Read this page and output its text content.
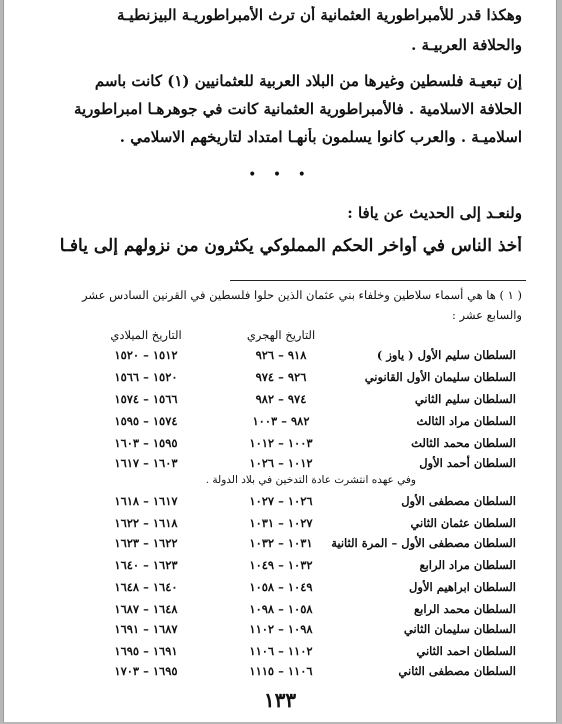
وهكذا قدر للأمبراطورية العثمانية أن ترث الأمبراطوريـة البيزنطيـة
والحلافة العربيـة .
إن تبعيـة فلسطين وغيرها من البلاد العربية للعثمانيين (١) كانت باسم
الحلافة الاسلامية . فالأمبراطورية العثمانية كانت في جوهرهـا امبراطورية
اسلاميـة . والعرب كانوا يسلمون بأنهـا امتداد لتاريخهم الاسلامي .
• • •
ولنعـد إلى الحديث عن يافا :
أخذ الناس في أواخر الحكم المملوكي يكثرون من نزولهم إلى يافـا
( ١ ) ها هي أسماء سلاطين وخلفاء بني عثمان الذين حلوا فلسطين في القرنين السادس عشر
والسابع عشر :
التاريخ الهجري
التاريخ الميلادي
السلطان سليم الأول ( ياوز )
٩١٨ – ٩٢٦
١٥١٢ – ١٥٢٠
السلطان سليمان الأول القانوني
٩٢٦ – ٩٧٤
١٥٢٠ – ١٥٦٦
السلطان سليم الثاني
٩٧٤ – ٩٨٢
١٥٦٦ – ١٥٧٤
السلطان مراد الثالث
٩٨٢ – ١٠٠٣
١٥٧٤ – ١٥٩٥
السلطان محمد الثالث
١٠٠٣ – ١٠١٢
١٥٩٥ – ١٦٠٣
السلطان أحمد الأول
١٠١٢ – ١٠٢٦
١٦٠٣ – ١٦١٧
وفي عهده انتشرت عادة التدخين في بلاد الدولة .
السلطان مصطفى الأول
١٠٢٦ – ١٠٢٧
١٦١٧ – ١٦١٨
السلطان عثمان الثاني
١٠٢٧ – ١٠٣١
١٦١٨ – ١٦٢٢
السلطان مصطفى الأول – المرة الثانية
١٠٣١ – ١٠٣٢
١٦٢٢ – ١٦٢٣
السلطان مراد الرابع
١٠٣٢ – ١٠٤٩
١٦٢٣ – ١٦٤٠
السلطان ابراهيم الأول
١٠٤٩ – ١٠٥٨
١٦٤٠ – ١٦٤٨
السلطان محمد الرابع
١٠٥٨ – ١٠٩٨
١٦٤٨ – ١٦٨٧
السلطان سليمان الثاني
١٠٩٨ – ١١٠٢
١٦٨٧ – ١٦٩١
السلطان احمد الثاني
١١٠٢ – ١١٠٦
١٦٩١ – ١٦٩٥
السلطان مصطفى الثاني
١١٠٦ – ١١١٥
١٦٩٥ – ١٧٠٣
١٣٣
